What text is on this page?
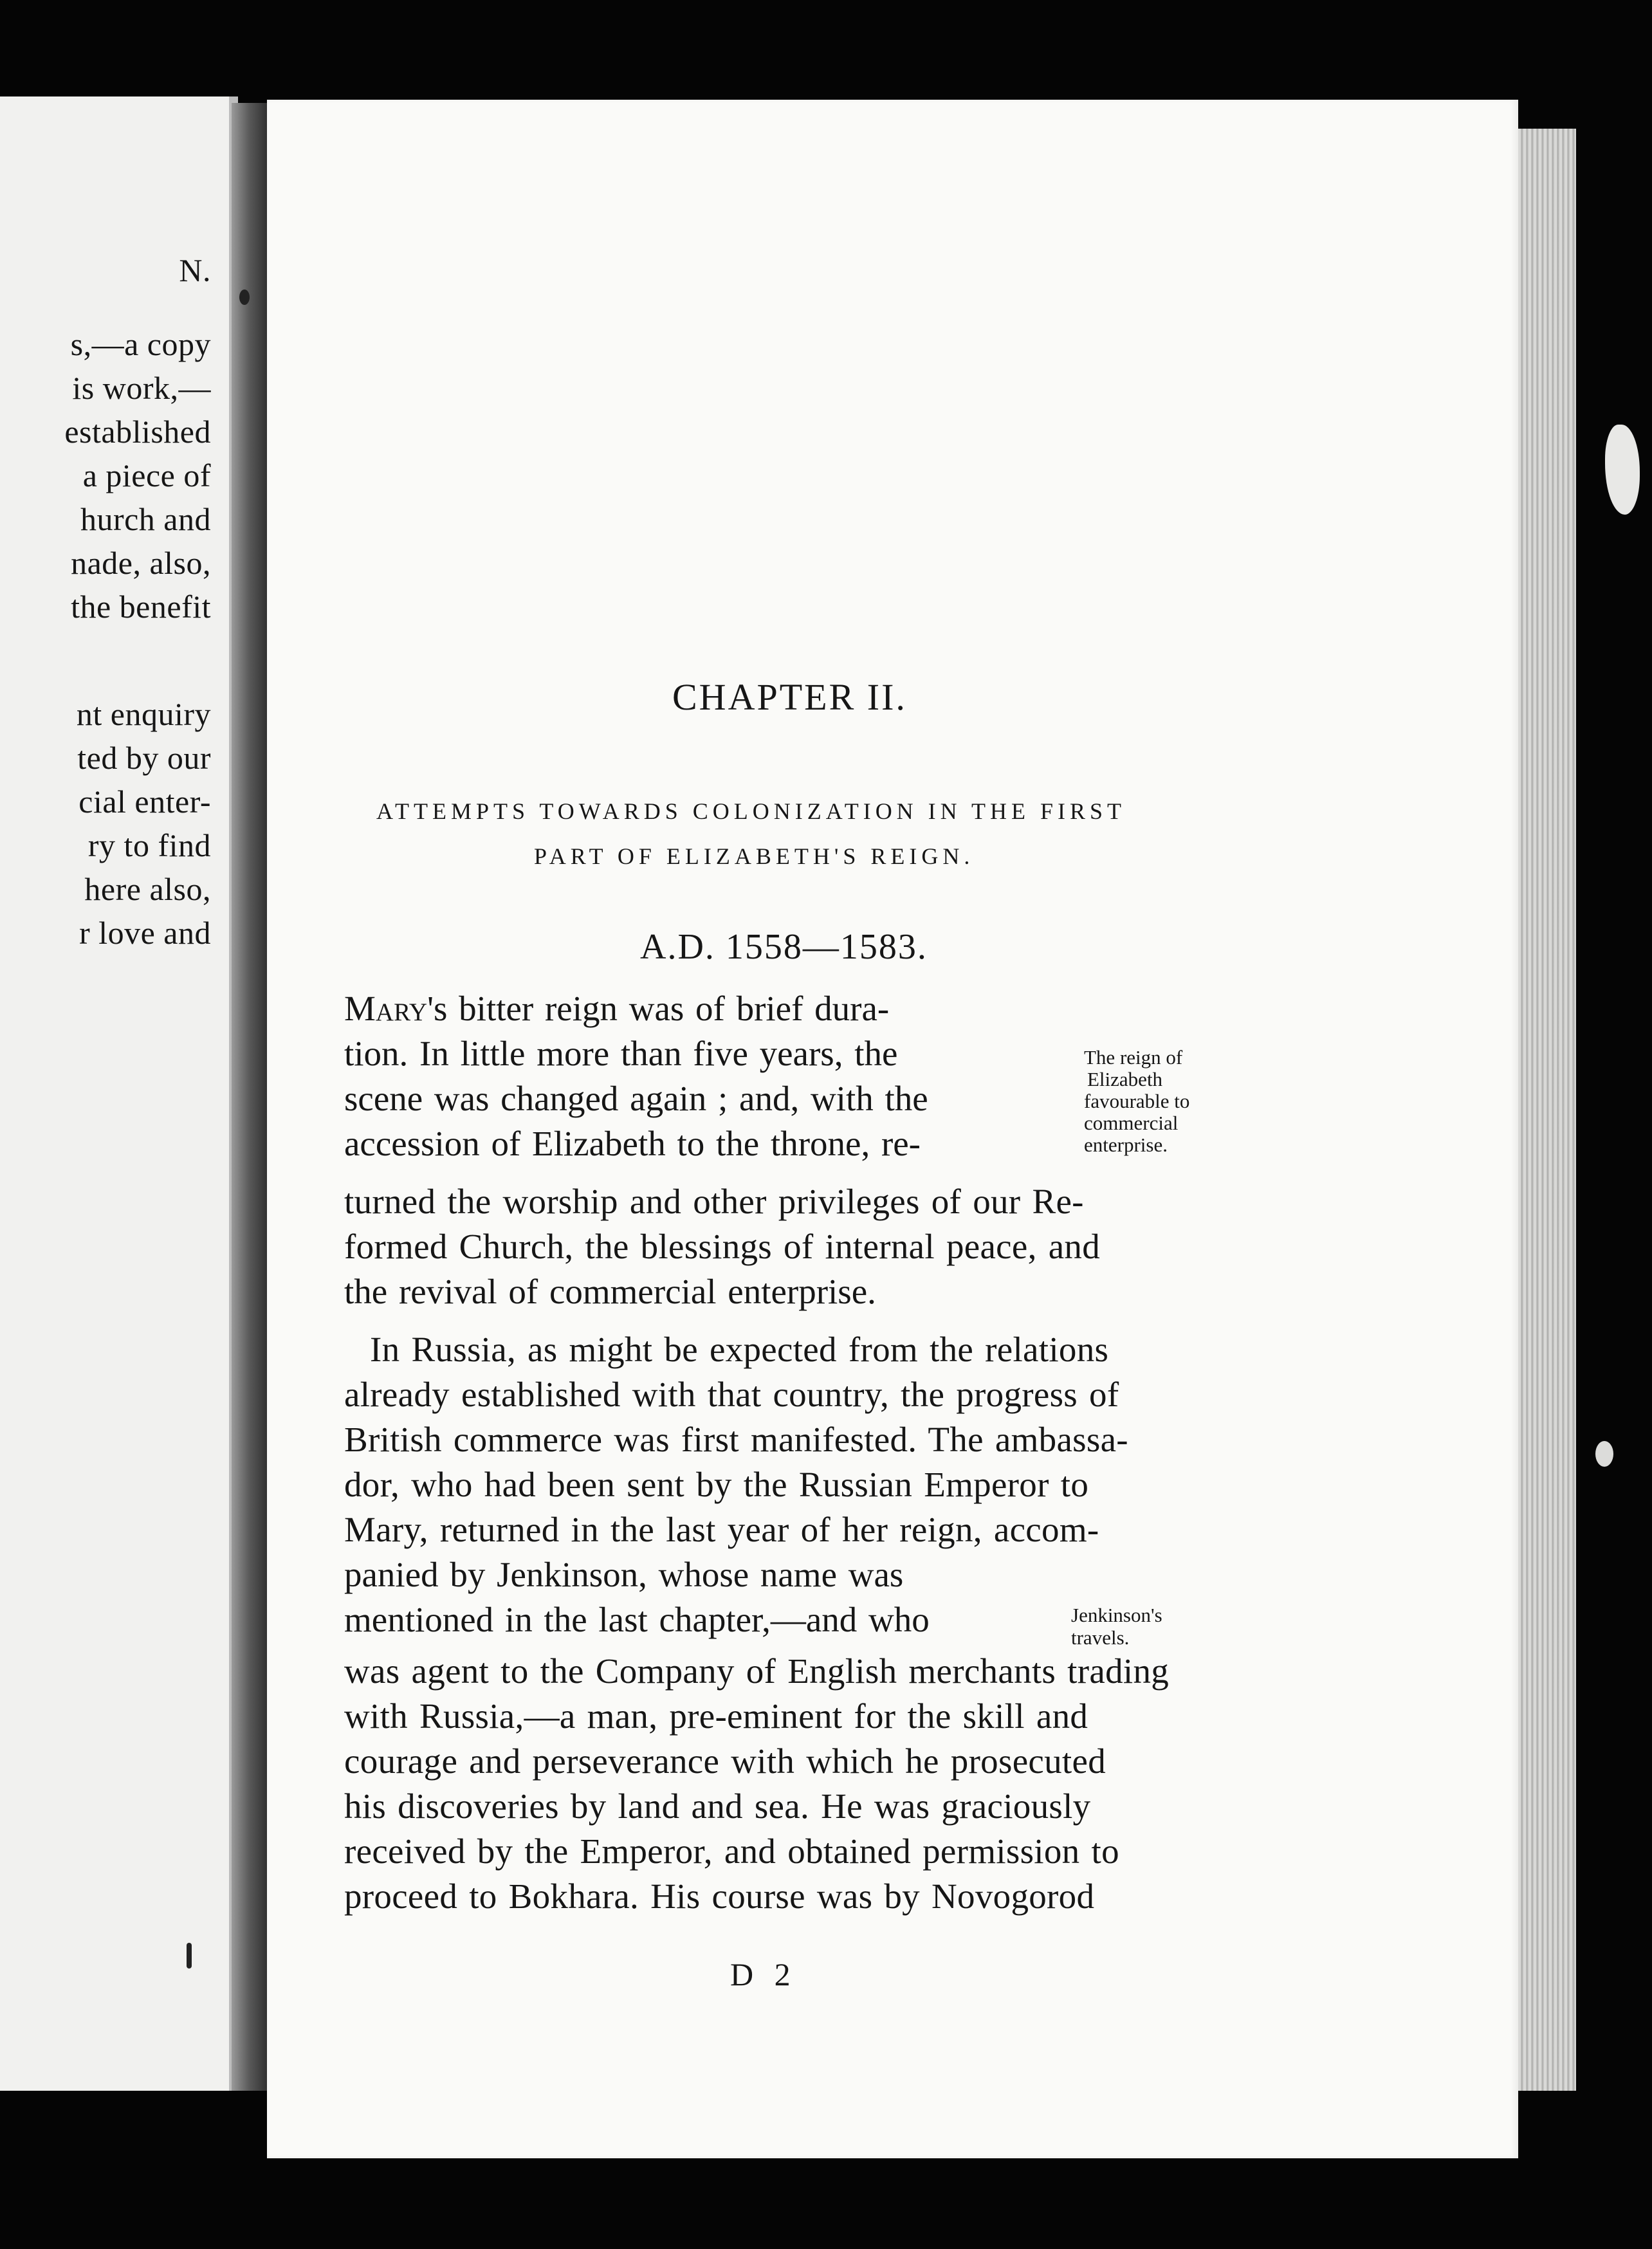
N.
s,—a copy
is work,—
established
a piece of
hurch and
nade, also,
the benefit
nt enquiry
ted by our
cial enter-
ry to find
here also,
r love and
CHAPTER II.
ATTEMPTS TOWARDS COLONIZATION IN THE FIRST
PART OF ELIZABETH'S REIGN.
A.D. 1558—1583.
Mary's bitter reign was of brief dura-
tion. In little more than five years, the
scene was changed again ; and, with the
accession of Elizabeth to the throne, re-
turned the worship and other privileges of our Re-
formed Church, the blessings of internal peace, and
the revival of commercial enterprise.
In Russia, as might be expected from the relations
already established with that country, the progress of
British commerce was first manifested. The ambassa-
dor, who had been sent by the Russian Emperor to
Mary, returned in the last year of her reign, accom-
panied by Jenkinson, whose name was
mentioned in the last chapter,—and who
was agent to the Company of English merchants trading
with Russia,—a man, pre-eminent for the skill and
courage and perseverance with which he prosecuted
his discoveries by land and sea. He was graciously
received by the Emperor, and obtained permission to
proceed to Bokhara. His course was by Novogorod
The reign of
Elizabeth
favourable to
commercial
enterprise.
Jenkinson's
travels.
D 2
